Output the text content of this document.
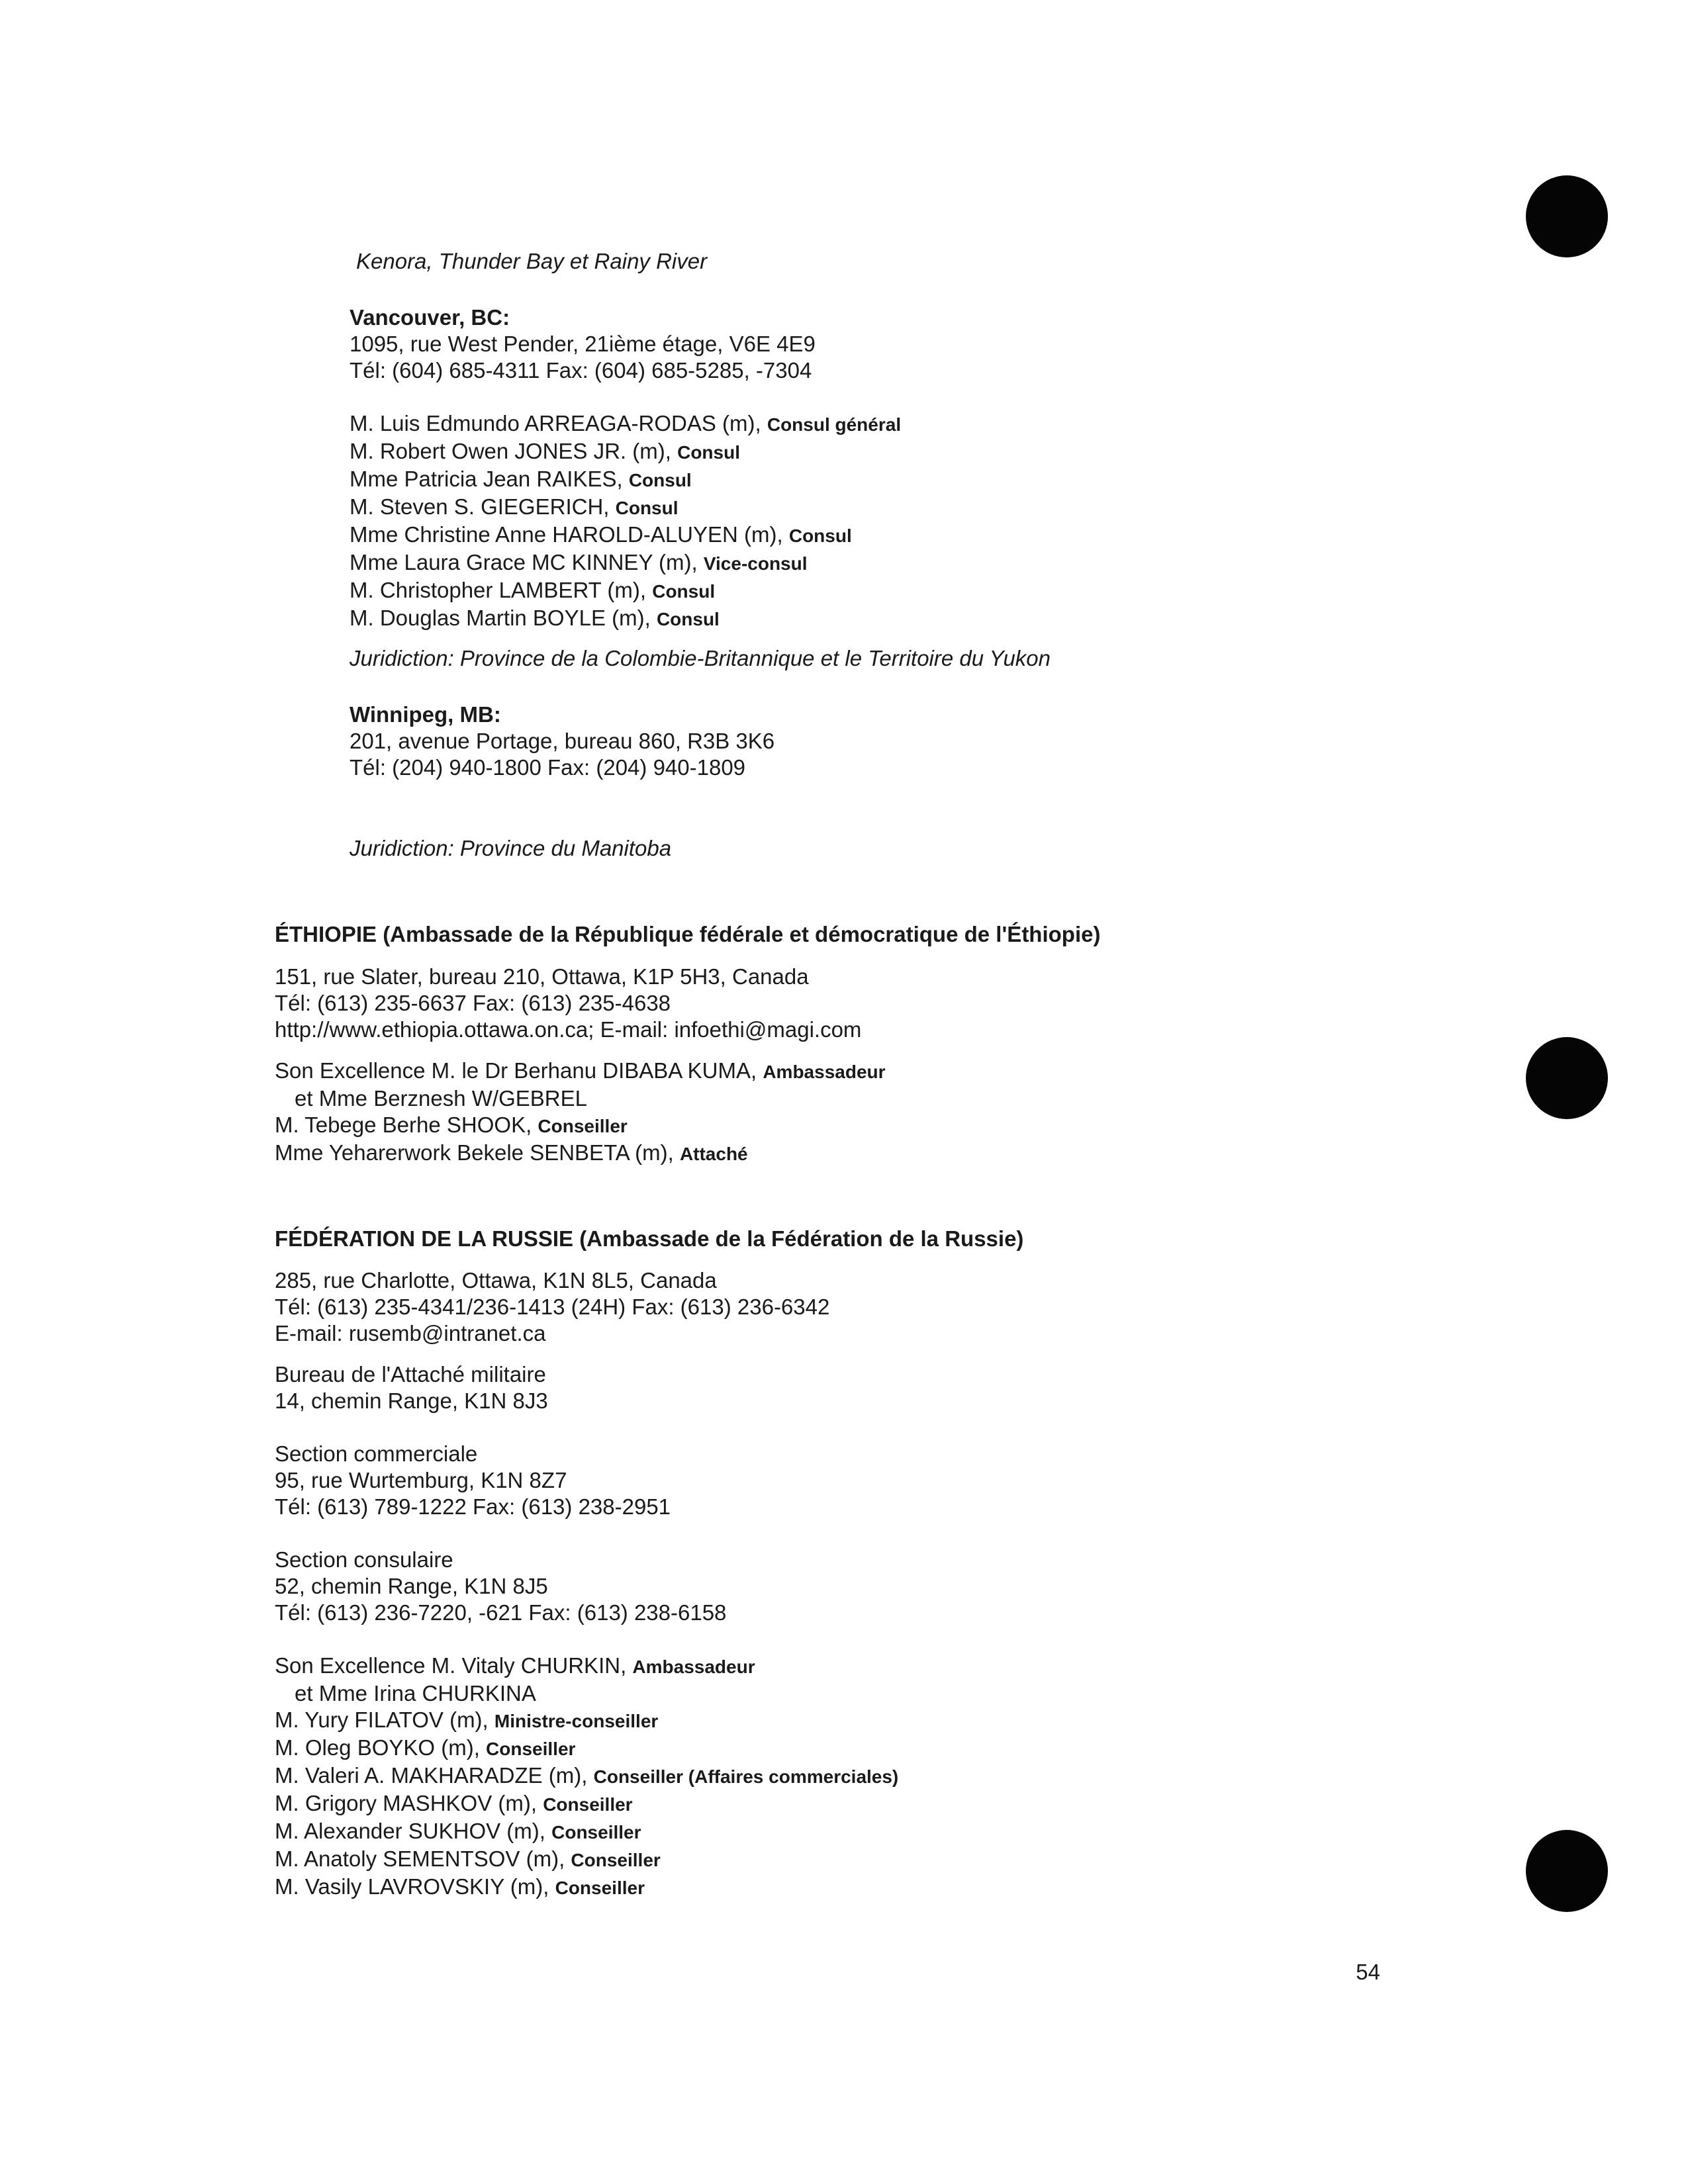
Kenora, Thunder Bay et Rainy River
Vancouver, BC:
1095, rue West Pender, 21ième étage, V6E 4E9
Tél: (604) 685-4311 Fax: (604) 685-5285, -7304
M. Luis Edmundo ARREAGA-RODAS (m), Consul général
M. Robert Owen JONES JR. (m), Consul
Mme Patricia Jean RAIKES, Consul
M. Steven S. GIEGERICH, Consul
Mme Christine Anne HAROLD-ALUYEN (m), Consul
Mme Laura Grace MC KINNEY (m), Vice-consul
M. Christopher LAMBERT (m), Consul
M. Douglas Martin BOYLE (m), Consul
Juridiction: Province de la Colombie-Britannique et le Territoire du Yukon
Winnipeg, MB:
201, avenue Portage, bureau 860, R3B 3K6
Tél: (204) 940-1800 Fax: (204) 940-1809
Juridiction: Province du Manitoba
ÉTHIOPIE (Ambassade de la République fédérale et démocratique de l'Éthiopie)
151, rue Slater, bureau 210, Ottawa, K1P 5H3, Canada
Tél: (613) 235-6637 Fax: (613) 235-4638
http://www.ethiopia.ottawa.on.ca; E-mail: infoethi@magi.com
Son Excellence M. le Dr Berhanu DIBABA KUMA, Ambassadeur
et Mme Berznesh W/GEBREL
M. Tebege Berhe SHOOK, Conseiller
Mme Yeharerwork Bekele SENBETA (m), Attaché
FÉDÉRATION DE LA RUSSIE (Ambassade de la Fédération de la Russie)
285, rue Charlotte, Ottawa, K1N 8L5, Canada
Tél: (613) 235-4341/236-1413 (24H) Fax: (613) 236-6342
E-mail: rusemb@intranet.ca
Bureau de l'Attaché militaire
14, chemin Range, K1N 8J3
Section commerciale
95, rue Wurtemburg, K1N 8Z7
Tél: (613) 789-1222 Fax: (613) 238-2951
Section consulaire
52, chemin Range, K1N 8J5
Tél: (613) 236-7220, -621 Fax: (613) 238-6158
Son Excellence M. Vitaly CHURKIN, Ambassadeur
et Mme Irina CHURKINA
M. Yury FILATOV (m), Ministre-conseiller
M. Oleg BOYKO (m), Conseiller
M. Valeri A. MAKHARADZE (m), Conseiller (Affaires commerciales)
M. Grigory MASHKOV (m), Conseiller
M. Alexander SUKHOV (m), Conseiller
M. Anatoly SEMENTSOV (m), Conseiller
M. Vasily LAVROVSKIY (m), Conseiller
54
